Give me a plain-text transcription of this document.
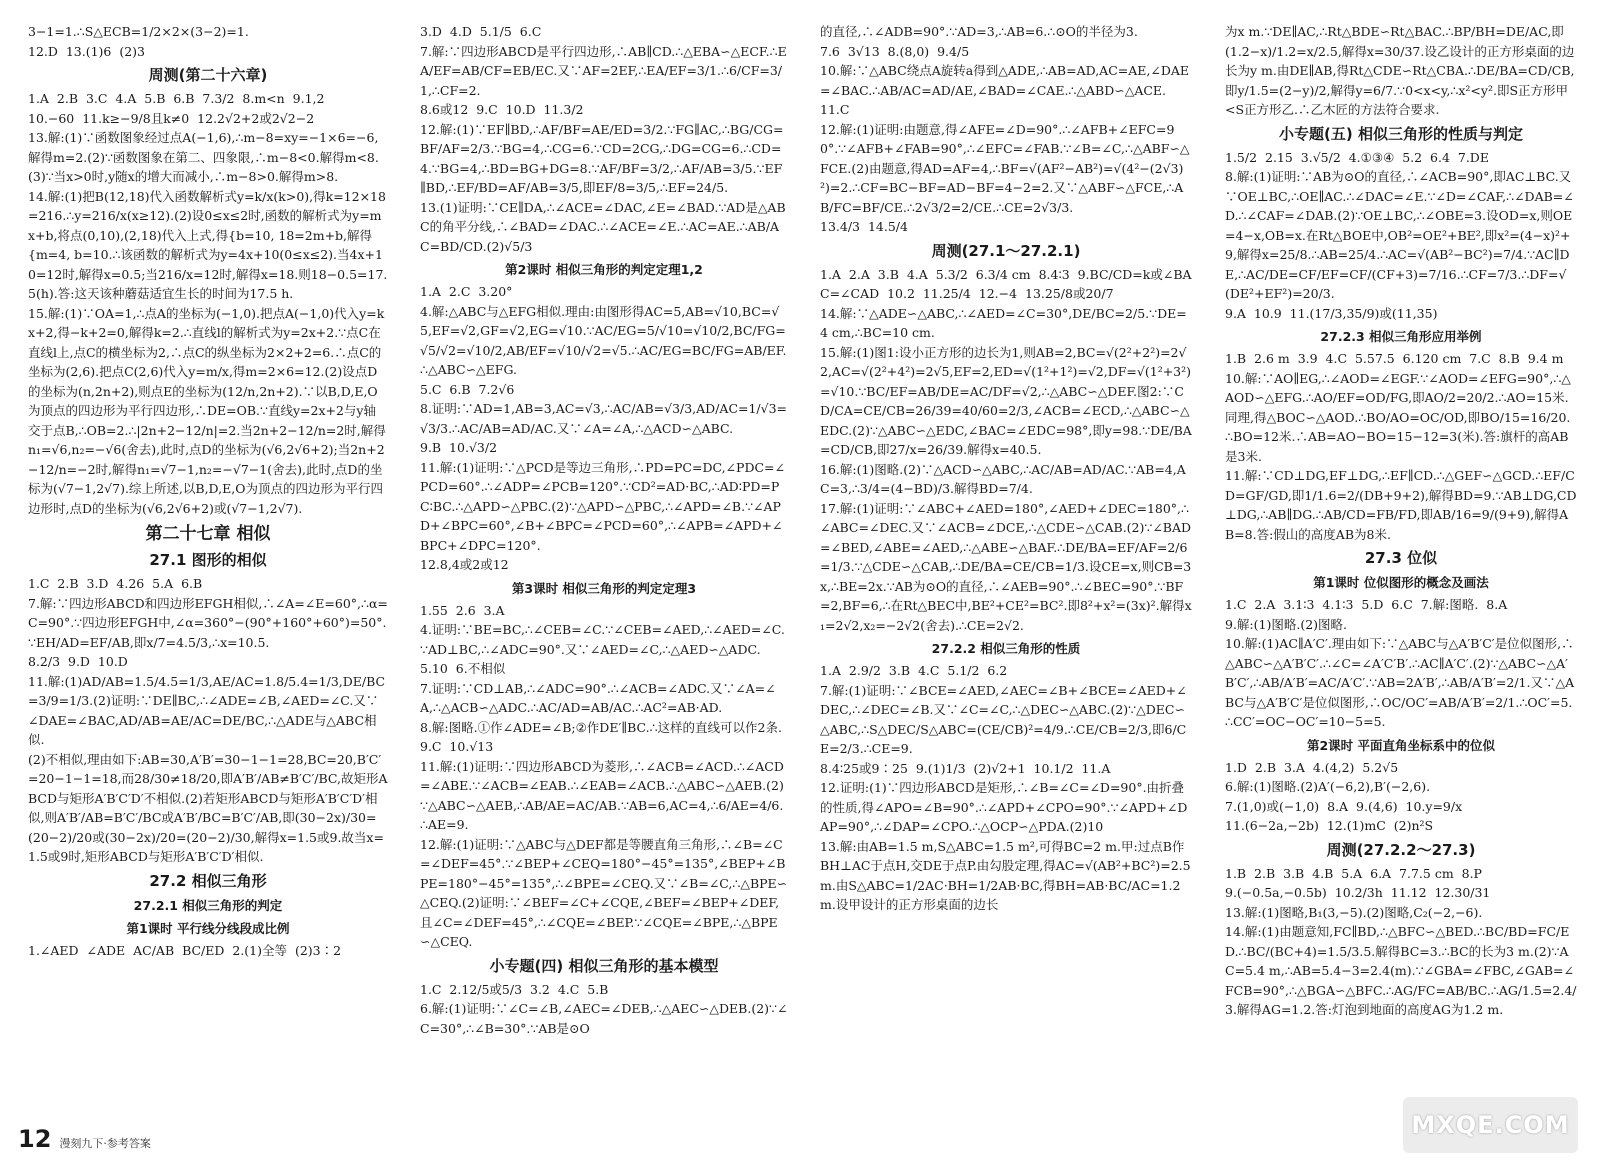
3−1=1.∴S△ECB=1/2×2×(3−2)=1.
12.D  13.(1)6  (2)3

周测(第二十六章)

1.A  2.B  3.C  4.A  5.B  6.B  7.3/2  8.m<n  9.1,2
10.−60  11.k≥−9/8且k≠0  12.2√2+2或2√2−2
13.解:(1)∵函数图象经过点A(−1,6),∴m−8=xy=−1×6=−6,解得m=2.(2)∵函数图象在第二、四象限,∴m−8<0.解得m<8.(3)∵当x>0时,y随x的增大而减小,∴m−8>0.解得m>8.
14.解:(1)把B(12,18)代入函数解析式y=k/x(k>0),得k=12×18=216.∴y=216/x(x≥12).(2)设0≤x≤2时,函数的解析式为y=mx+b,将点(0,10),(2,18)代入上式,得{b=10, 18=2m+b,解得{m=4, b=10.∴该函数的解析式为y=4x+10(0≤x≤2).当4x+10=12时,解得x=0.5;当216/x=12时,解得x=18.则18−0.5=17.5(h).答:这天该种蘑菇适宜生长的时间为17.5 h.
15.解:(1)∵OA=1,∴点A的坐标为(−1,0).把点A(−1,0)代入y=kx+2,得−k+2=0,解得k=2.∴直线l的解析式为y=2x+2.∵点C在直线l上,点C的横坐标为2,∴点C的纵坐标为2×2+2=6.∴点C的坐标为(2,6).把点C(2,6)代入y=m/x,得m=2×6=12.(2)设点D的坐标为(n,2n+2),则点E的坐标为(12/n,2n+2).∵以B,D,E,O为顶点的四边形为平行四边形,∴DE=OB.∵直线y=2x+2与y轴交于点B,∴OB=2.∴|2n+2−12/n|=2.当2n+2−12/n=2时,解得n₁=√6,n₂=−√6(舍去),此时,点D的坐标为(√6,2√6+2);当2n+2−12/n=−2时,解得n₁=√7−1,n₂=−√7−1(舍去),此时,点D的坐标为(√7−1,2√7).综上所述,以B,D,E,O为顶点的四边形为平行四边形时,点D的坐标为(√6,2√6+2)或(√7−1,2√7).

第二十七章 相似
27.1 图形的相似

1.C  2.B  3.D  4.26  5.A  6.B
7.解:∵四边形ABCD和四边形EFGH相似,∴∠A=∠E=60°,∴α=C=90°.∵四边形EFGH中,∠α=360°−(90°+160°+60°)=50°.∵EH/AD=EF/AB,即x/7=4.5/3,∴x=10.5.
8.2/3  9.D  10.D
11.解:(1)AD/AB=1.5/4.5=1/3,AE/AC=1.8/5.4=1/3,DE/BC=3/9=1/3.(2)证明:∵DE∥BC,∴∠ADE=∠B,∠AED=∠C.又∵∠DAE=∠BAC,AD/AB=AE/AC=DE/BC,∴△ADE与△ABC相似.
(2)不相似,理由如下:AB=30,A′B′=30−1−1=28,BC=20,B′C′=20−1−1=18,而28/30≠18/20,即A′B′/AB≠B′C′/BC,故矩形ABCD与矩形A′B′C′D′不相似.(2)若矩形ABCD与矩形A′B′C′D′相似,则A′B′/AB=B′C′/BC或A′B′/BC=B′C′/AB,即(30−2x)/30=(20−2)/20或(30−2x)/20=(20−2)/30,解得x=1.5或9.故当x=1.5或9时,矩形ABCD与矩形A′B′C′D′相似.

27.2 相似三角形
27.2.1 相似三角形的判定
第1课时 平行线分线段成比例

1.∠AED  ∠ADE  AC/AB  BC/ED  2.(1)全等  (2)3∶2

3.D  4.D  5.1/5  6.C
7.解:∵四边形ABCD是平行四边形,∴AB∥CD.∴△EBA∽△ECF.∴EA/EF=AB/CF=EB/EC.又∵AF=2EF,∴EA/EF=3/1.∴6/CF=3/1,∴CF=2.
8.6或12  9.C  10.D  11.3/2
12.解:(1)∵EF∥BD,∴AF/BF=AE/ED=3/2.∵FG∥AC,∴BG/CG=BF/AF=2/3.∵BG=4,∴CG=6.∵CD=2CG,∴DG=CG=6.∴CD=4.∵BG=4,∴BD=BG+DG=8.∵AF/BF=3/2,∴AF/AB=3/5.∵EF∥BD,∴EF/BD=AF/AB=3/5,即EF/8=3/5,∴EF=24/5.
13.(1)证明:∵CE∥DA,∴∠ACE=∠DAC,∠E=∠BAD.∵AD是△ABC的角平分线,∴∠BAD=∠DAC.∴∠ACE=∠E.∴AC=AE.∴AB/AC=BD/CD.(2)√5/3

第2课时 相似三角形的判定定理1,2

1.A  2.C  3.20°
4.解:△ABC与△EFG相似.理由:由图形得AC=5,AB=√10,BC=√5,EF=√2,GF=√2,EG=√10.∵AC/EG=5/√10=√10/2,BC/FG=√5/√2=√10/2,AB/EF=√10/√2=√5.∴AC/EG=BC/FG=AB/EF.∴△ABC∽△EFG.
5.C  6.B  7.2√6
8.证明:∵AD=1,AB=3,AC=√3,∴AC/AB=√3/3,AD/AC=1/√3=√3/3.∴AC/AB=AD/AC.又∵∠A=∠A,∴△ACD∽△ABC.
9.B  10.√3/2
11.解:(1)证明:∵△PCD是等边三角形,∴PD=PC=DC,∠PDC=∠PCD=60°.∴∠ADP=∠PCB=120°.∵CD²=AD·BC,∴AD∶PD=PC∶BC.∴△APD∽△PBC.(2)∵△APD∽△PBC,∴∠APD=∠B.∵∠APD+∠BPC=60°,∠B+∠BPC=∠PCD=60°,∴∠APB=∠APD+∠BPC+∠DPC=120°.
12.8,4或2或12

第3课时 相似三角形的判定定理3

1.55  2.6  3.A
4.证明:∵BE=BC,∴∠CEB=∠C.∵∠CEB=∠AED,∴∠AED=∠C.∵AD⊥BC,∴∠ADC=90°.又∵∠AED=∠C,∴△AED∽△ADC.
5.10  6.不相似
7.证明:∵CD⊥AB,∴∠ADC=90°.∴∠ACB=∠ADC.又∵∠A=∠A,∴△ACB∽△ADC.∴AC/AD=AB/AC.∴AC²=AB·AD.
8.解:图略.①作∠ADE=∠B;②作DE′∥BC.∴这样的直线可以作2条.
9.C  10.√13
11.解:(1)证明:∵四边形ABCD为菱形,∴∠ACB=∠ACD.∴∠ACD=∠ABE.∵∠ACB=∠EAB.∴∠EAB=∠ACB.∴△ABC∽△AEB.(2)∵△ABC∽△AEB,∴AB/AE=AC/AB.∵AB=6,AC=4,∴6/AE=4/6.∴AE=9.
12.解:(1)证明:∵△ABC与△DEF都是等腰直角三角形,∴∠B=∠C=∠DEF=45°.∵∠BEP+∠CEQ=180°−45°=135°,∠BEP+∠BPE=180°−45°=135°,∴∠BPE=∠CEQ.又∵∠B=∠C,∴△BPE∽△CEQ.(2)证明:∵∠BEF=∠C+∠CQE,∠BEF=∠BEP+∠DEF,且∠C=∠DEF=45°,∴∠CQE=∠BEP.∵∠CQE=∠BPE,∴△BPE∽△CEQ.

小专题(四) 相似三角形的基本模型

1.C  2.12/5或5/3  3.2  4.C  5.B
6.解:(1)证明:∵∠C=∠B,∠AEC=∠DEB,∴△AEC∽△DEB.(2)∵∠C=30°,∴∠B=30°.∵AB是⊙O

的直径,∴∠ADB=90°.∵AD=3,∴AB=6.∴⊙O的半径为3.
7.6  3√13  8.(8,0)  9.4/5
10.解:∵△ABC绕点A旋转a得到△ADE,∴AB=AD,AC=AE,∠DAE=∠BAC.∴AB/AC=AD/AE,∠BAD=∠CAE.∴△ABD∽△ACE.
11.C
12.解:(1)证明:由题意,得∠AFE=∠D=90°.∴∠AFB+∠EFC=90°.∵∠AFB+∠FAB=90°,∴∠EFC=∠FAB.∵∠B=∠C,∴△ABF∽△FCE.(2)由题意,得AD=AF=4,∴BF=√(AF²−AB²)=√(4²−(2√3)²)=2.∴CF=BC−BF=AD−BF=4−2=2.又∵△ABF∽△FCE,∴AB/FC=BF/CE.∴2√3/2=2/CE.∴CE=2√3/3.
13.4/3  14.5/4

周测(27.1～27.2.1)

1.A  2.A  3.B  4.A  5.3/2  6.3/4 cm  8.4∶3  9.BC/CD=k或∠BAC=∠CAD  10.2  11.25/4  12.−4  13.25/8或20/7
14.解:∵△ADE∽△ABC,∴∠AED=∠C=30°,DE/BC=2/5.∵DE=4 cm,∴BC=10 cm.
15.解:(1)图1:设小正方形的边长为1,则AB=2,BC=√(2²+2²)=2√2,AC=√(2²+4²)=2√5,EF=2,ED=√(1²+1²)=√2,DF=√(1²+3²)=√10.∵BC/EF=AB/DE=AC/DF=√2,∴△ABC∽△DEF.图2:∵CD/CA=CE/CB=26/39=40/60=2/3,∠ACB=∠ECD,∴△ABC∽△EDC.(2)∵△ABC∽△EDC,∠BAC=∠EDC=98°,即y=98.∵DE/BA=CD/CB,即27/x=26/39.解得x=40.5.
16.解:(1)图略.(2)∵△ACD∽△ABC,∴AC/AB=AD/AC.∵AB=4,AC=3,∴3/4=(4−BD)/3.解得BD=7/4.
17.解:(1)证明:∵∠ABC+∠AED=180°,∠AED+∠DEC=180°,∴∠ABC=∠DEC.又∵∠ACB=∠DCE,∴△CDE∽△CAB.(2)∵∠BAD=∠BED,∠ABE=∠AED,∴△ABE∽△BAF.∴DE/BA=EF/AF=2/6=1/3.∵△CDE∽△CAB,∴DE/BA=CE/CB=1/3.设CE=x,则CB=3x,∴BE=2x.∵AB为⊙O的直径,∴∠AEB=90°.∴∠BEC=90°.∵BF=2,BF=6,∴在Rt△BEC中,BE²+CE²=BC².即8²+x²=(3x)².解得x₁=2√2,x₂=−2√2(舍去).∴CE=2√2.

27.2.2 相似三角形的性质

1.A  2.9/2  3.B  4.C  5.1/2  6.2
7.解:(1)证明:∵∠BCE=∠AED,∠AEC=∠B+∠BCE=∠AED+∠DEC,∴∠DEC=∠B.又∵∠C=∠C,∴△DEC∽△ABC.(2)∵△DEC∽△ABC,∴S△DEC/S△ABC=(CE/CB)²=4/9.∴CE/CB=2/3,即6/CE=2/3.∴CE=9.
8.4∶25或9∶25  9.(1)1/3  (2)√2+1  10.1/2  11.A
12.证明:(1)∵四边形ABCD是矩形,∴∠B=∠C=∠D=90°.由折叠的性质,得∠APO=∠B=90°.∴∠APD+∠CPO=90°.∵∠APD+∠DAP=90°,∴∠DAP=∠CPO.∴△OCP∽△PDA.(2)10
13.解:由AB=1.5 m,S△ABC=1.5 m²,可得BC=2 m.甲:过点B作BH⊥AC于点H,交DE于点P.由勾股定理,得AC=√(AB²+BC²)=2.5 m.由S△ABC=1/2AC·BH=1/2AB·BC,得BH=AB·BC/AC=1.2 m.设甲设计的正方形桌面的边长

为x m.∵DE∥AC,∴Rt△BDE∽Rt△BAC.∴BP/BH=DE/AC,即(1.2−x)/1.2=x/2.5,解得x=30/37.设乙设计的正方形桌面的边长为y m.由DE∥AB,得Rt△CDE∽Rt△CBA.∴DE/BA=CD/CB,即y/1.5=(2−y)/2,解得y=6/7.∵0<x<y,∴x²<y².即S正方形甲<S正方形乙.∴乙木匠的方法符合要求.

小专题(五) 相似三角形的性质与判定

1.5/2  2.15  3.√5/2  4.①③④  5.2  6.4  7.DE
8.解:(1)证明:∵AB为⊙O的直径,∴∠ACB=90°,即AC⊥BC.又∵OE⊥BC,∴OE∥AC.∴∠DAC=∠E.∵∠D=∠CAF,∴∠DAB=∠D.∴∠CAF=∠DAB.(2)∵OE⊥BC,∴∠OBE=3.设OD=x,则OE=4−x,OB=x.在Rt△BOE中,OB²=OE²+BE²,即x²=(4−x)²+9,解得x=25/8.∴AB=25/4.∴AC=√(AB²−BC²)=7/4.∵AC∥DE,∴AC/DE=CF/EF=CF/(CF+3)=7/16.∴CF=7/3.∴DF=√(DE²+EF²)=20/3.
9.A  10.9  11.(17/3,35/9)或(11,35)

27.2.3 相似三角形应用举例

1.B  2.6 m  3.9  4.C  5.57.5  6.120 cm  7.C  8.B  9.4 m
10.解:∵AO∥EG,∴∠AOD=∠EGF.∵∠AOD=∠EFG=90°,∴△AOD∽△EFG.∴AO/EF=OD/FG,即AO/2=20/2.∴AO=15米.同理,得△BOC∽△AOD.∴BO/AO=OC/OD,即BO/15=16/20.∴BO=12米.∴AB=AO−BO=15−12=3(米).答:旗杆的高AB是3米.
11.解:∵CD⊥DG,EF⊥DG,∴EF∥CD.∴△GEF∽△GCD.∴EF/CD=GF/GD,即1/1.6=2/(DB+9+2),解得BD=9.∵AB⊥DG,CD⊥DG,∴AB∥DG.∴AB/CD=FB/FD,即AB/16=9/(9+9),解得AB=8.答:假山的高度AB为8米.

27.3 位似
第1课时 位似图形的概念及画法

1.C  2.A  3.1∶3  4.1∶3  5.D  6.C  7.解:图略.  8.A
9.解:(1)图略.(2)图略.
10.解:(1)AC∥A′C′.理由如下:∵△ABC与△A′B′C′是位似图形,∴△ABC∽△A′B′C′.∴∠C=∠A′C′B′.∴AC∥A′C′.(2)∵△ABC∽△A′B′C′,∴AB/A′B′=AC/A′C′.∵AB=2A′B′,∴AB/A′B′=2/1.又∵△ABC与△A′B′C′是位似图形,∴OC/OC′=AB/A′B′=2/1.∴OC′=5.∴CC′=OC−OC′=10−5=5.

第2课时 平面直角坐标系中的位似

1.D  2.B  3.A  4.(4,2)  5.2√5
6.解:(1)图略.(2)A′(−6,2),B′(−2,6).
7.(1,0)或(−1,0)  8.A  9.(4,6)  10.y=9/x
11.(6−2a,−2b)  12.(1)mC  (2)n²S

周测(27.2.2～27.3)

1.B  2.B  3.B  4.B  5.A  6.A  7.7.5 cm  8.P
9.(−0.5a,−0.5b)  10.2/3h  11.12  12.30/31
13.解:(1)图略,B₁(3,−5).(2)图略,C₂(−2,−6).
14.解:(1)由题意知,FC∥BD,∴△BFC∽△BED.∴BC/BD=FC/ED.∴BC/(BC+4)=1.5/3.5.解得BC=3.∴BC的长为3 m.(2)∵AC=5.4 m,∴AB=5.4−3=2.4(m).∵∠GBA=∠FBC,∠GAB=∠FCB=90°,∴△BGA∽△BFC.∴AG/FC=AB/BC.∴AG/1.5=2.4/3.解得AG=1.2.答:灯泡到地面的高度AG为1.2 m.

12 漫刻九下·参考答案
MXQE.COM
